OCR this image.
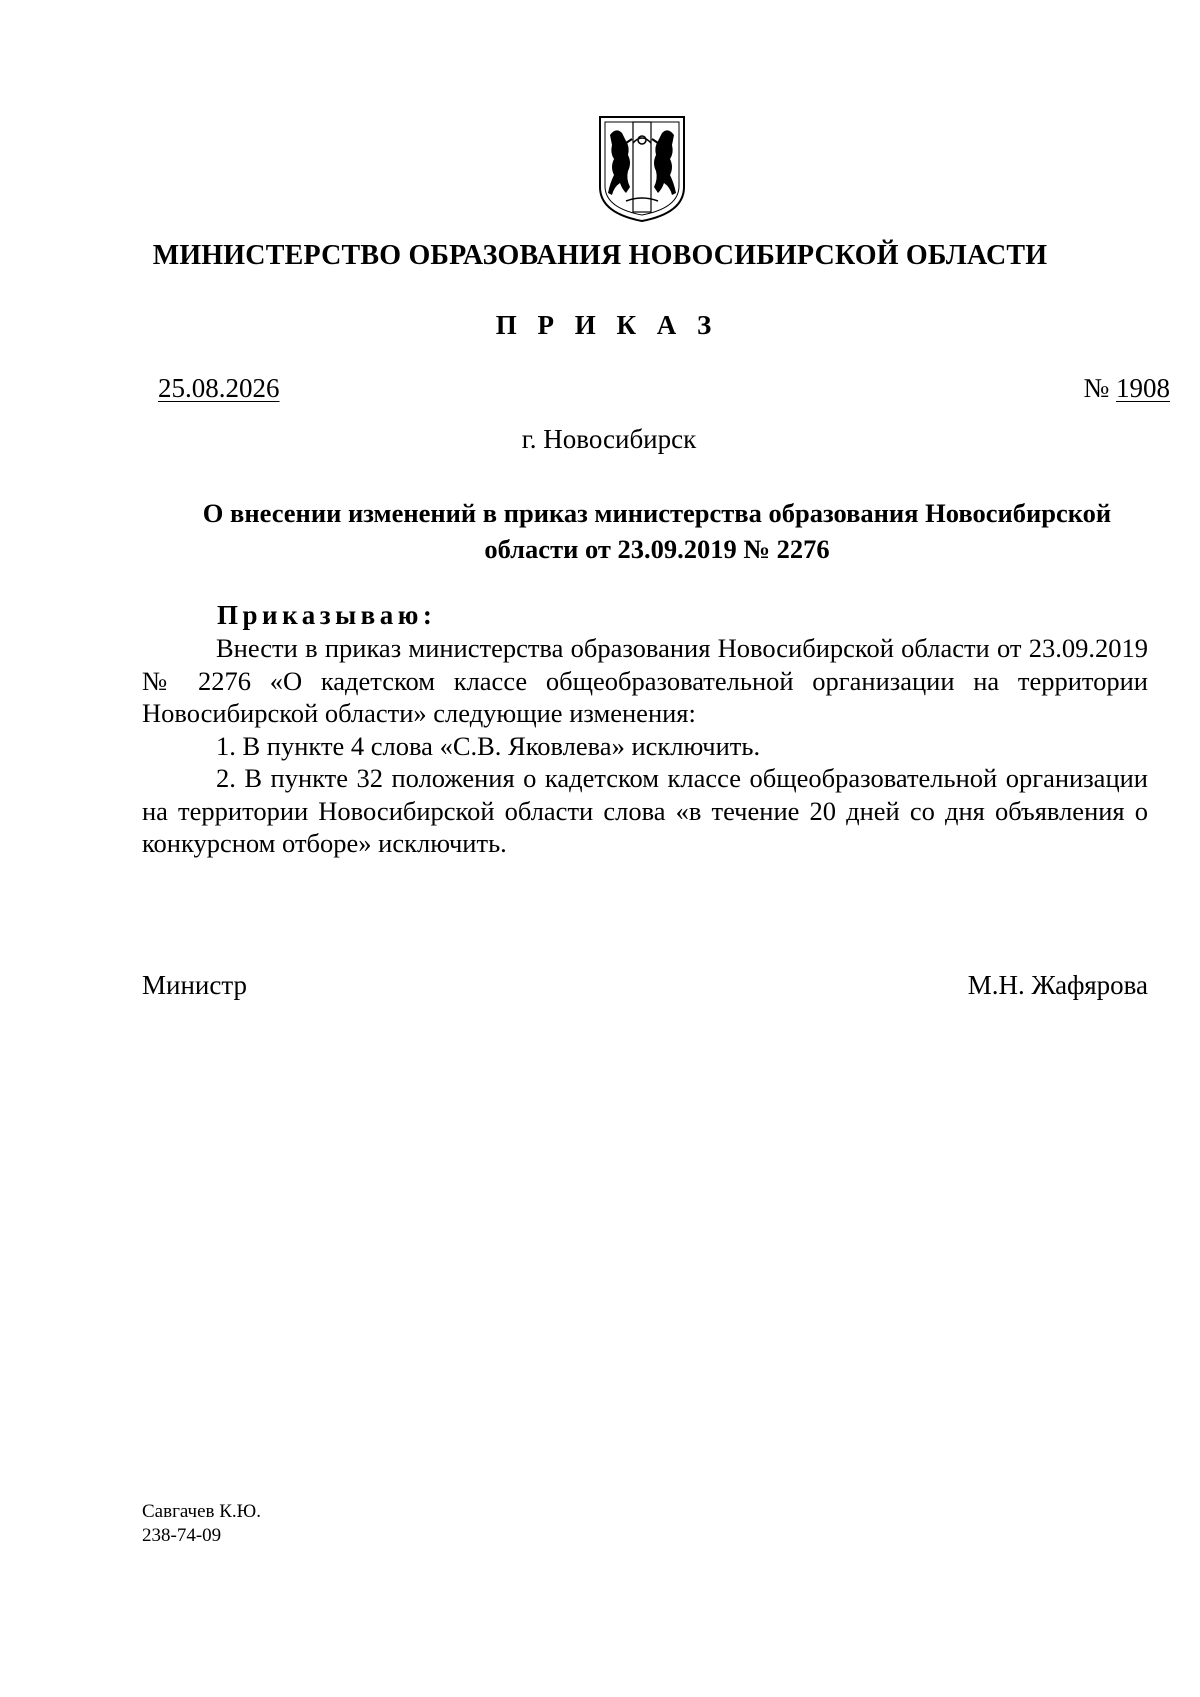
МИНИСТЕРСТВО ОБРАЗОВАНИЯ НОВОСИБИРСКОЙ ОБЛАСТИ
П Р И К А З
25.08.2026	№ 1908
г. Новосибирск
О внесении изменений в приказ министерства образования Новосибирской
области от 23.09.2019 № 2276
Приказываю:

Внести в приказ министерства образования Новосибирской области от 23.09.2019 № 2276 «О кадетском классе общеобразовательной организации на территории Новосибирской области» следующие изменения:

1. В пункте 4 слова «С.В. Яковлева» исключить.

2. В пункте 32 положения о кадетском классе общеобразовательной организации на территории Новосибирской области слова «в течение 20 дней со дня объявления о конкурсном отборе» исключить.

Министр	М.Н. Жафярова
Савгачев К.Ю.
238-74-09
